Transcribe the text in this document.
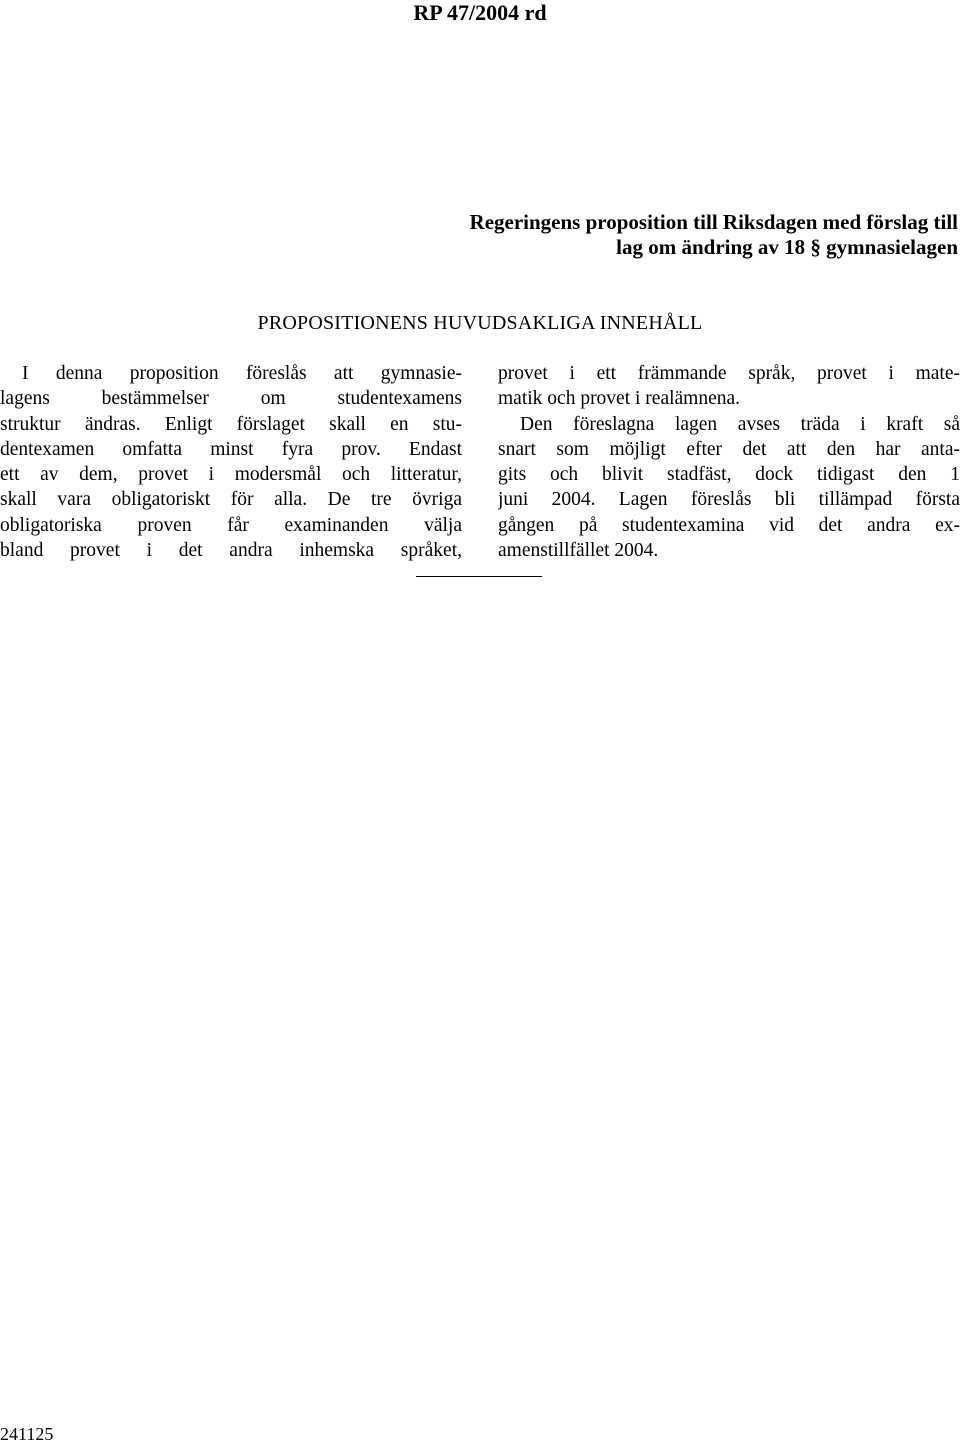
RP 47/2004 rd
Regeringens proposition till Riksdagen med förslag till
lag om ändring av 18 § gymnasielagen
PROPOSITIONENS HUVUDSAKLIGA INNEHÅLL
I denna proposition föreslås att gymnasie-
lagens bestämmelser om studentexamens
struktur ändras. Enligt förslaget skall en stu-
dentexamen omfatta minst fyra prov. Endast
ett av dem, provet i modersmål och litteratur,
skall vara obligatoriskt för alla. De tre övriga
obligatoriska proven får examinanden välja
bland provet i det andra inhemska språket,
provet i ett främmande språk, provet i mate-
matik och provet i realämnena.
Den föreslagna lagen avses träda i kraft så
snart som möjligt efter det att den har anta-
gits och blivit stadfäst, dock tidigast den 1
juni 2004. Lagen föreslås bli tillämpad första
gången på studentexamina vid det andra ex-
amenstillfället 2004.
241125
